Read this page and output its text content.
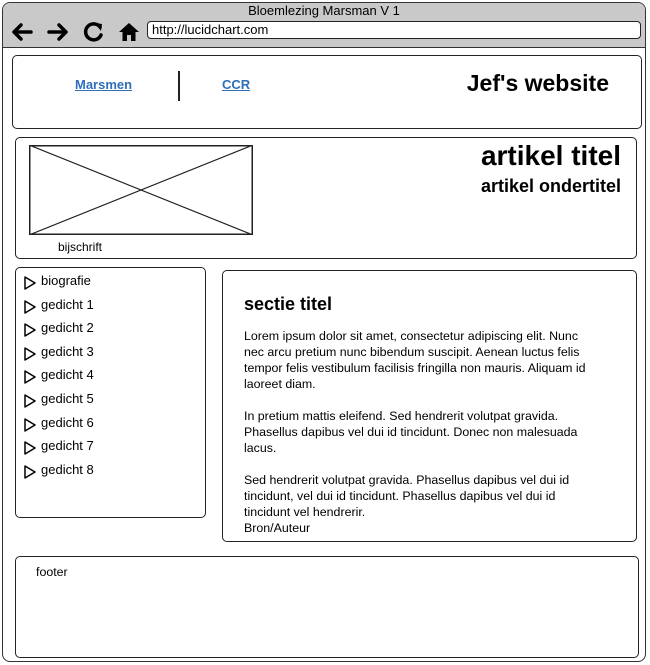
Bloemlezing Marsman V 1
http://lucidchart.com
Marsmen	CCR	Jef's website
bijschrift
artikel titel
artikel ondertitel
sectie titel
Lorem ipsum dolor sit amet, consectetur adipiscing elit. Nunc nec arcu pretium nunc bibendum suscipit. Aenean luctus felis tempor felis vestibulum facilisis fringilla non mauris. Aliquam id laoreet diam.
In pretium mattis eleifend. Sed hendrerit volutpat gravida. Phasellus dapibus vel dui id tincidunt. Donec non malesuada lacus.
Sed hendrerit volutpat gravida. Phasellus dapibus vel dui id tincidunt, vel dui id tincidunt. Phasellus dapibus vel dui id tincidunt vel hendrerir.
Bron/Auteur
footer
biografie
gedicht 1
gedicht 2
gedicht 3
gedicht 4
gedicht 5
gedicht 6
gedicht 7
gedicht 8
